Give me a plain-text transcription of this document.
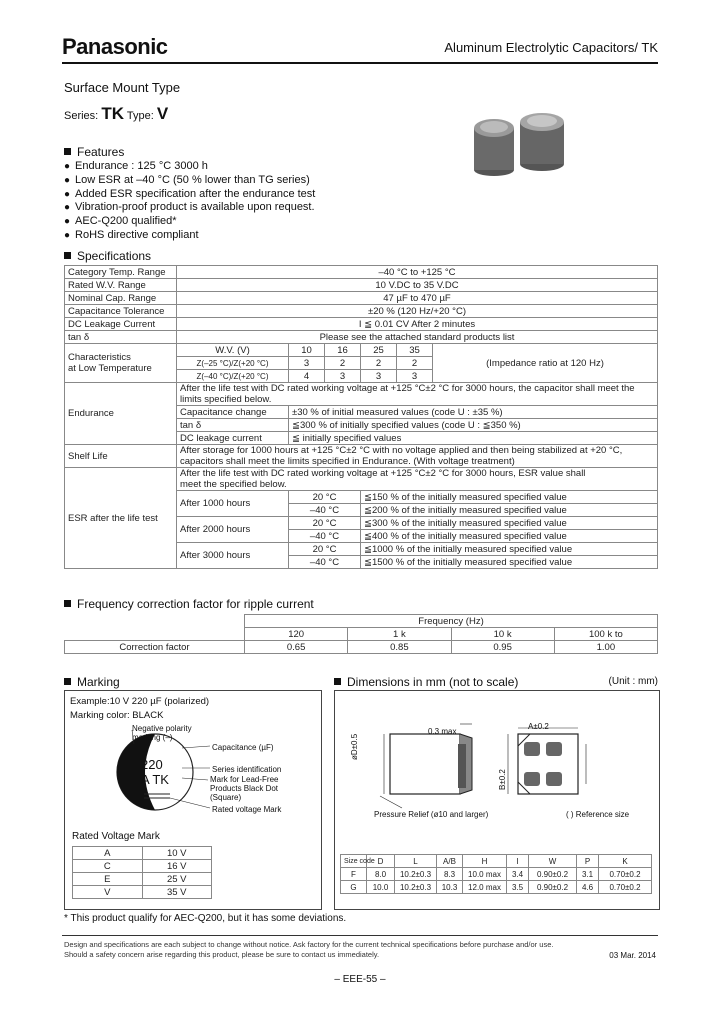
Panasonic	Aluminum Electrolytic Capacitors/ TK
Surface Mount Type
Series: TK Type: V
Features
● Endurance : 125 °C 3000 h
● Low ESR at –40 °C (50 % lower than TG series)
● Added ESR specification after the endurance test
● Vibration-proof product is available upon request.
● AEC-Q200 qualified*
● RoHS directive compliant
Specifications
Category Temp. Range	–40 °C to +125 °C					
Rated W.V. Range	10 V.DC to 35 V.DC					
Nominal Cap. Range	47 µF to 470 µF					
Capacitance Tolerance	±20 % (120 Hz/+20 °C)					
DC Leakage Current	I ≦ 0.01 CV After 2 minutes					
tan δ	Please see the attached standard products list					
Characteristics
at Low Temperature	W.V. (V)	10	16	25	35	(Impedance ratio at 120 Hz)
	Z(–25 °C)/Z(+20 °C)	3	2	2	2	
	Z(–40 °C)/Z(+20 °C)	4	3	3	3	
Endurance	After the life test with DC rated working voltage at +125 °C±2 °C for 3000 hours, the capacitor shall meet the
limits specified below.					
	Capacitance change	±30 % of initial measured values (code U : ±35 %)				
	tan δ	≦300 % of initially specified values (code U : ≦350 %)				
	DC leakage current	≦ initially specified values				
Shelf Life	After storage for 1000 hours at +125 °C±2 °C with no voltage applied and then being stabilized at +20 °C,
capacitors shall meet the limits specified in Endurance. (With voltage treatment)					
ESR after the life test	After the life test with DC rated working voltage at +125 °C±2 °C for 3000 hours, ESR value shall
meet the specified below.					
	After 1000 hours	20 °C		≦150 % of the initially measured specified value		
		–40 °C		≦200 % of the initially measured specified value		
	After 2000 hours	20 °C		≦300 % of the initially measured specified value		
		–40 °C		≦400 % of the initially measured specified value		
	After 3000 hours	20 °C		≦1000 % of the initially measured specified value		
		–40 °C		≦1500 % of the initially measured specified value		
Frequency correction factor for ripple current
	Frequency (Hz)			
	120	1 k	10 k	100 k to
Correction factor	0.65	0.85	0.95	1.00
Marking
Example:10 V 220 µF (polarized)
Marking color: BLACK
220
A TK
Negative polarity
marking (–)
Capacitance (µF)
Series identification
Mark for Lead-Free
Products Black Dot
(Square)
Rated voltage Mark
Rated Voltage Mark
A	10 V
C	16 V
E	25 V
V	35 V
Dimensions in mm (not to scale)	(Unit : mm)
0.3 max
øD±0.5
A±0.2
B±0.2
Pressure Relief (ø10 and larger)	( ) Reference size
Size code	D	L	A/B	H	I	W	P	K
F	8.0	10.2±0.3	8.3	10.0 max	3.4	0.90±0.2	3.1	0.70±0.2
G	10.0	10.2±0.3	10.3	12.0 max	3.5	0.90±0.2	4.6	0.70±0.2
* This product qualify for AEC-Q200, but it has some deviations.
Design and specifications are each subject to change without notice. Ask factory for the current technical specifications before purchase and/or use.
Should a safety concern arise regarding this product, please be sure to contact us immediately.	03 Mar. 2014
– EEE-55 –
